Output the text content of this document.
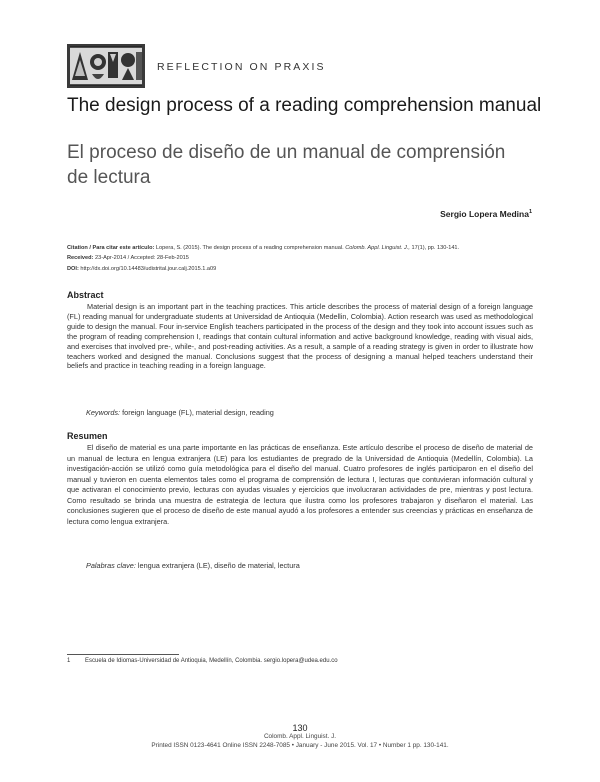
REFLECTION ON PRAXIS
The design process of a reading comprehension manual
El proceso de diseño de un manual de comprensión de lectura
Sergio Lopera Medina$^1$
Citation / Para citar este artículo: Lopera, S. (2015). The design process of a reading comprehension manual. Colomb. Appl. Linguist. J., 17(1), pp. 130-141.
Received: 23-Apr-2014 / Accepted: 28-Feb-2015
DOI: http://dx.doi.org/10.14483/udistrital.jour.calj.2015.1.a09
Abstract
Material design is an important part in the teaching practices. This article describes the process of material design of a foreign language (FL) reading manual for undergraduate students at Universidad de Antioquia (Medellin, Colombia). Action research was used as methodological guide to design the manual. Four in-service English teachers participated in the process of the design and they took into account issues such as the program of reading comprehension I, readings that contain cultural information and active background knowledge, reading with visual aids, and exercises that involved pre-, while-, and post-reading activities. As a result, a sample of a reading strategy is given in order to illustrate how teachers worked and designed the manual. Conclusions suggest that the process of designing a manual helped teachers understand their beliefs and practice in teaching reading in a foreign language.
Keywords: foreign language (FL), material design, reading
Resumen
El diseño de material es una parte importante en las prácticas de enseñanza. Este artículo describe el proceso de diseño de material de un manual de lectura en lengua extranjera (LE) para los estudiantes de pregrado de la Universidad de Antioquia (Medellín, Colombia). La investigación-acción se utilizó como guía metodológica para el diseño del manual. Cuatro profesores de inglés participaron en el diseño del manual y tuvieron en cuenta elementos tales como el programa de comprensión de lectura I, lecturas que contuvieran información cultural y que activaran el conocimiento previo, lecturas con ayudas visuales y ejercicios que involucraran actividades de pre, mientras y post lectura. Como resultado se brinda una muestra de estrategia de lectura que ilustra como los profesores trabajaron y diseñaron el material. Las conclusiones sugieren que el proceso de diseño de este manual ayudó a los profesores a entender sus creencias y prácticas en enseñanza de lectura como lengua extranjera.
Palabras clave: lengua extranjera (LE), diseño de material, lectura
1 Escuela de Idiomas-Universidad de Antioquia, Medellín, Colombia. sergio.lopera@udea.edu.co
130
Colomb. Appl. Linguist. J.
Printed ISSN 0123-4641 Online ISSN 2248-7085 • January - June 2015. Vol. 17 • Number 1 pp. 130-141.
